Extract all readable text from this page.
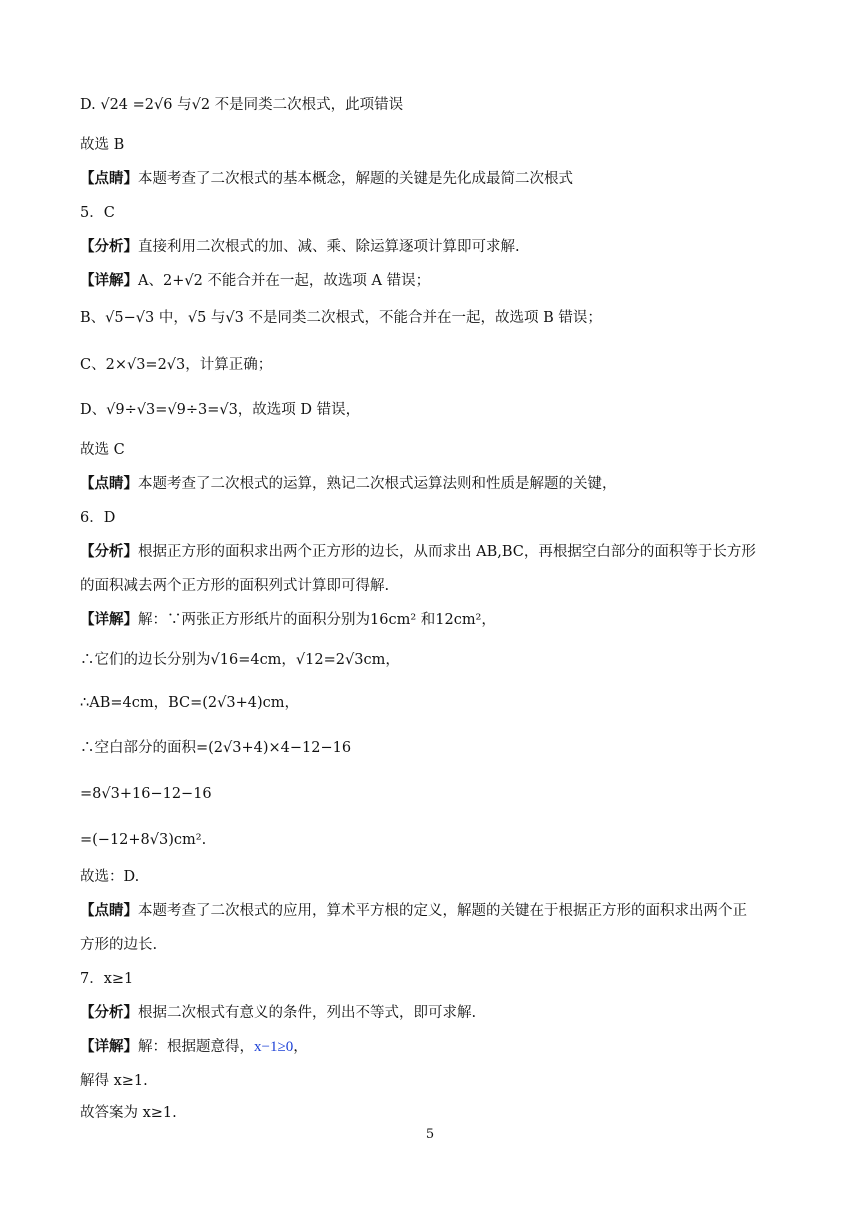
D. √24 =2√6 与√2 不是同类二次根式，此项错误
故选 B
【点睛】本题考查了二次根式的基本概念，解题的关键是先化成最简二次根式
5．C
【分析】直接利用二次根式的加、减、乘、除运算逐项计算即可求解.
【详解】A、2+√2 不能合并在一起，故选项 A 错误；
B、√5−√3 中，√5 与√3 不是同类二次根式，不能合并在一起，故选项 B 错误；
C、2×√3=2√3，计算正确；
D、√9÷√3=√9÷3=√3，故选项 D 错误，
故选 C
【点睛】本题考查了二次根式的运算，熟记二次根式运算法则和性质是解题的关键，
6．D
【分析】根据正方形的面积求出两个正方形的边长，从而求出 AB,BC，再根据空白部分的面积等于长方形
的面积减去两个正方形的面积列式计算即可得解.
【详解】解：∵两张正方形纸片的面积分别为16cm² 和12cm²，
∴它们的边长分别为√16=4cm，√12=2√3cm，
∴AB=4cm，BC=(2√3+4)cm，
∴空白部分的面积=(2√3+4)×4−12−16
=8√3+16−12−16
=(−12+8√3)cm².
故选：D.
【点睛】本题考查了二次根式的应用，算术平方根的定义，解题的关键在于根据正方形的面积求出两个正
方形的边长.
7．x≥1
【分析】根据二次根式有意义的条件，列出不等式，即可求解.
【详解】解：根据题意得，x−1≥0，
解得 x≥1.
故答案为 x≥1.
5
